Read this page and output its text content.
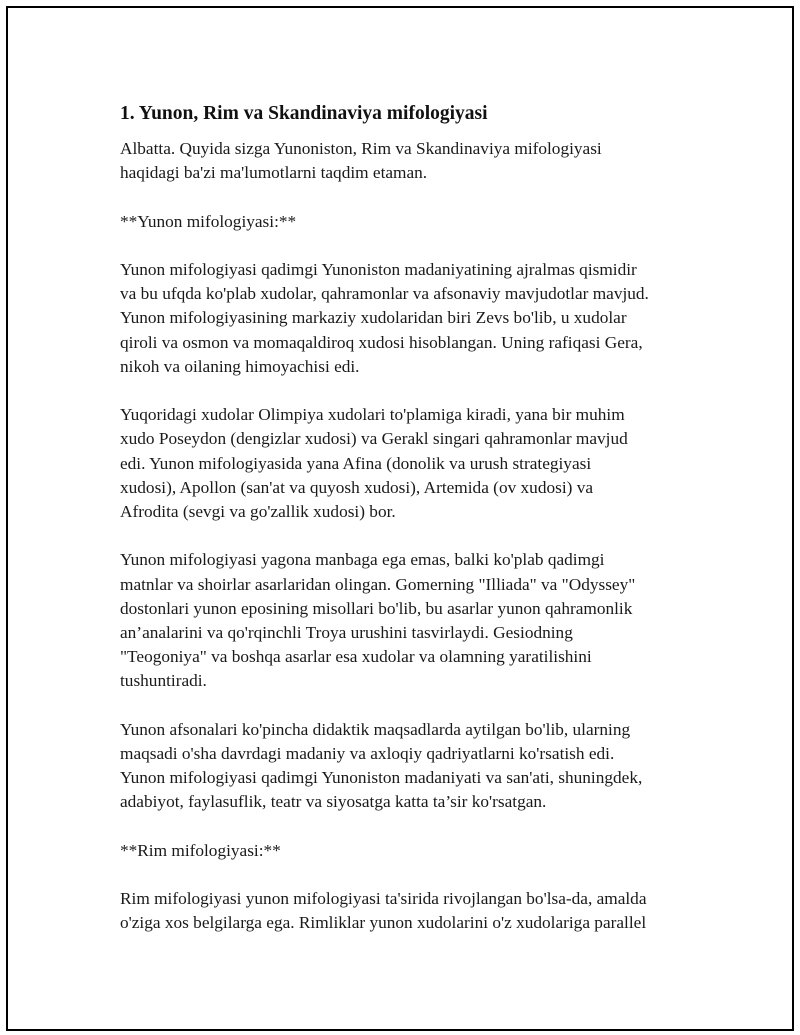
1. Yunon, Rim va Skandinaviya mifologiyasi
Albatta. Quyida sizga Yunoniston, Rim va Skandinaviya mifologiyasi
haqidagi ba'zi ma'lumotlarni taqdim etaman.
**Yunon mifologiyasi:**
Yunon mifologiyasi qadimgi Yunoniston madaniyatining ajralmas qismidir
va bu ufqda ko'plab xudolar, qahramonlar va afsonaviy mavjudotlar mavjud.
Yunon mifologiyasining markaziy xudolaridan biri Zevs bo'lib, u xudolar
qiroli va osmon va momaqaldiroq xudosi hisoblangan. Uning rafiqasi Gera,
nikoh va oilaning himoyachisi edi.
Yuqoridagi xudolar Olimpiya xudolari to'plamiga kiradi, yana bir muhim
xudo Poseydon (dengizlar xudosi) va Gerakl singari qahramonlar mavjud
edi. Yunon mifologiyasida yana Afina (donolik va urush strategiyasi
xudosi), Apollon (san'at va quyosh xudosi), Artemida (ov xudosi) va
Afrodita (sevgi va go'zallik xudosi) bor.
Yunon mifologiyasi yagona manbaga ega emas, balki ko'plab qadimgi
matnlar va shoirlar asarlaridan olingan. Gomerning "Illiada" va "Odyssey"
dostonlari yunon eposining misollari bo'lib, bu asarlar yunon qahramonlik
an’analarini va qo'rqinchli Troya urushini tasvirlaydi. Gesiodning
"Teogoniya" va boshqa asarlar esa xudolar va olamning yaratilishini
tushuntiradi.
Yunon afsonalari ko'pincha didaktik maqsadlarda aytilgan bo'lib, ularning
maqsadi o'sha davrdagi madaniy va axloqiy qadriyatlarni ko'rsatish edi.
Yunon mifologiyasi qadimgi Yunoniston madaniyati va san'ati, shuningdek,
adabiyot, faylasuflik, teatr va siyosatga katta ta’sir ko'rsatgan.
**Rim mifologiyasi:**
Rim mifologiyasi yunon mifologiyasi ta'sirida rivojlangan bo'lsa-da, amalda
o'ziga xos belgilarga ega. Rimliklar yunon xudolarini o'z xudolariga parallel
